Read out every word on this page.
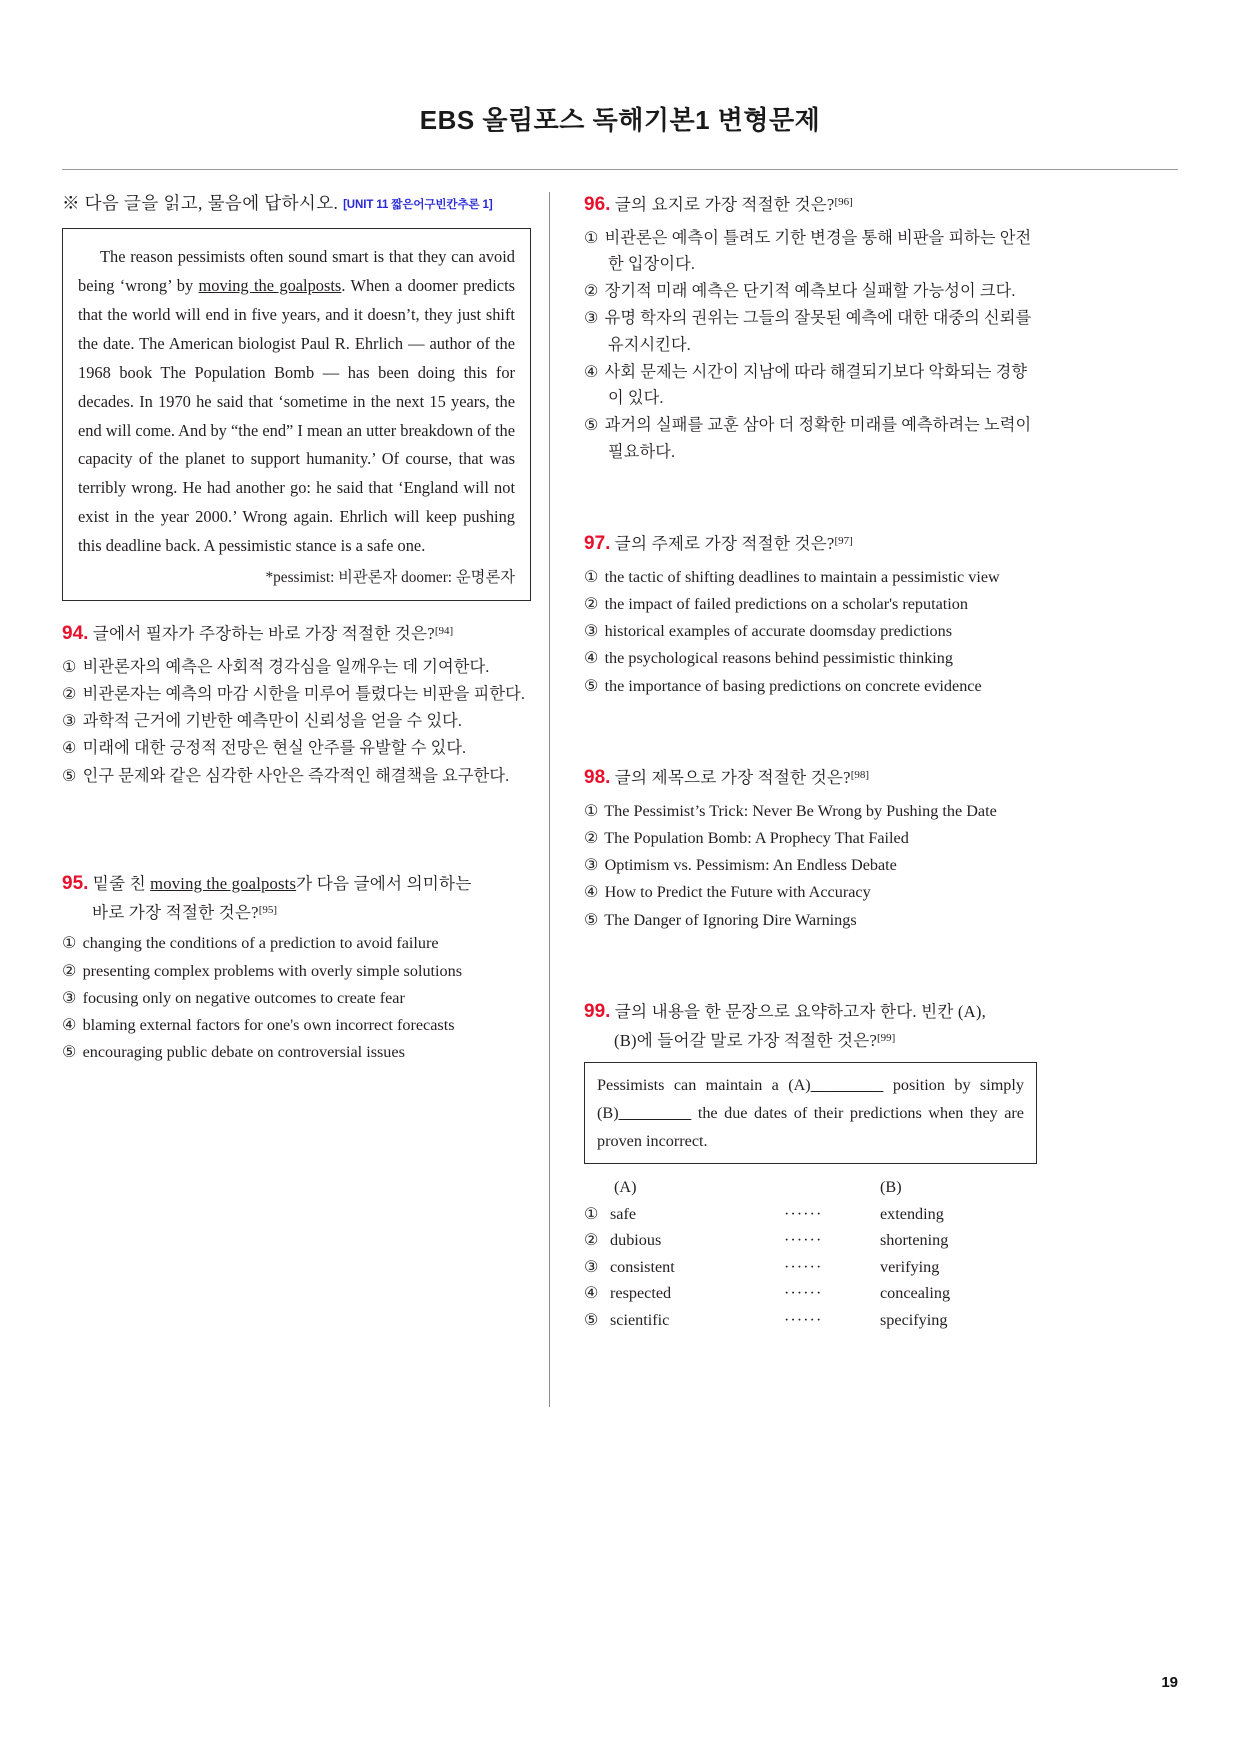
EBS 올림포스 독해기본1 변형문제
※ 다음 글을 읽고, 물음에 답하시오. [UNIT 11 짧은어구빈칸추론 1]

The reason pessimists often sound smart is that they can avoid being ‘wrong’ by moving the goalposts. When a doomer predicts that the world will end in five years, and it doesn’t, they just shift the date. The American biologist Paul R. Ehrlich — author of the 1968 book The Population Bomb — has been doing this for decades. In 1970 he said that ‘sometime in the next 15 years, the end will come. And by “the end” I mean an utter breakdown of the capacity of the planet to support humanity.’ Of course, that was terribly wrong. He had another go: he said that ‘England will not exist in the year 2000.’ Wrong again. Ehrlich will keep pushing this deadline back. A pessimistic stance is a safe one.

*pessimist: 비관론자 doomer: 운명론자
94. 글에서 필자가 주장하는 바로 가장 적절한 것은?[94]
① 비관론자의 예측은 사회적 경각심을 일깨우는 데 기여한다.
② 비관론자는 예측의 마감 시한을 미루어 틀렸다는 비판을 피한다.
③ 과학적 근거에 기반한 예측만이 신뢰성을 얻을 수 있다.
④ 미래에 대한 긍정적 전망은 현실 안주를 유발할 수 있다.
⑤ 인구 문제와 같은 심각한 사안은 즉각적인 해결책을 요구한다.
95. 밑줄 친 moving the goalposts가 다음 글에서 의미하는
바로 가장 적절한 것은?[95]
① changing the conditions of a prediction to avoid failure
② presenting complex problems with overly simple solutions
③ focusing only on negative outcomes to create fear
④ blaming external factors for one's own incorrect forecasts
⑤ encouraging public debate on controversial issues
96. 글의 요지로 가장 적절한 것은?[96]
① 비관론은 예측이 틀려도 기한 변경을 통해 비판을 피하는 안전한 입장이다.
② 장기적 미래 예측은 단기적 예측보다 실패할 가능성이 크다.
③ 유명 학자의 권위는 그들의 잘못된 예측에 대한 대중의 신뢰를 유지시킨다.
④ 사회 문제는 시간이 지남에 따라 해결되기보다 악화되는 경향이 있다.
⑤ 과거의 실패를 교훈 삼아 더 정확한 미래를 예측하려는 노력이 필요하다.
97. 글의 주제로 가장 적절한 것은?[97]
① the tactic of shifting deadlines to maintain a pessimistic view
② the impact of failed predictions on a scholar's reputation
③ historical examples of accurate doomsday predictions
④ the psychological reasons behind pessimistic thinking
⑤ the importance of basing predictions on concrete evidence
98. 글의 제목으로 가장 적절한 것은?[98]
① The Pessimist’s Trick: Never Be Wrong by Pushing the Date
② The Population Bomb: A Prophecy That Failed
③ Optimism vs. Pessimism: An Endless Debate
④ How to Predict the Future with Accuracy
⑤ The Danger of Ignoring Dire Warnings
99. 글의 내용을 한 문장으로 요약하고자 한다. 빈칸 (A),
(B)에 들어갈 말로 가장 적절한 것은?[99]

Pessimists can maintain a (A)________ position by simply (B)________ the due dates of their predictions when they are proven incorrect.

(A)			(B)
①	safe	······	extending
②	dubious	······	shortening
③	consistent	······	verifying
④	respected	······	concealing
⑤	scientific	······	specifying
19
